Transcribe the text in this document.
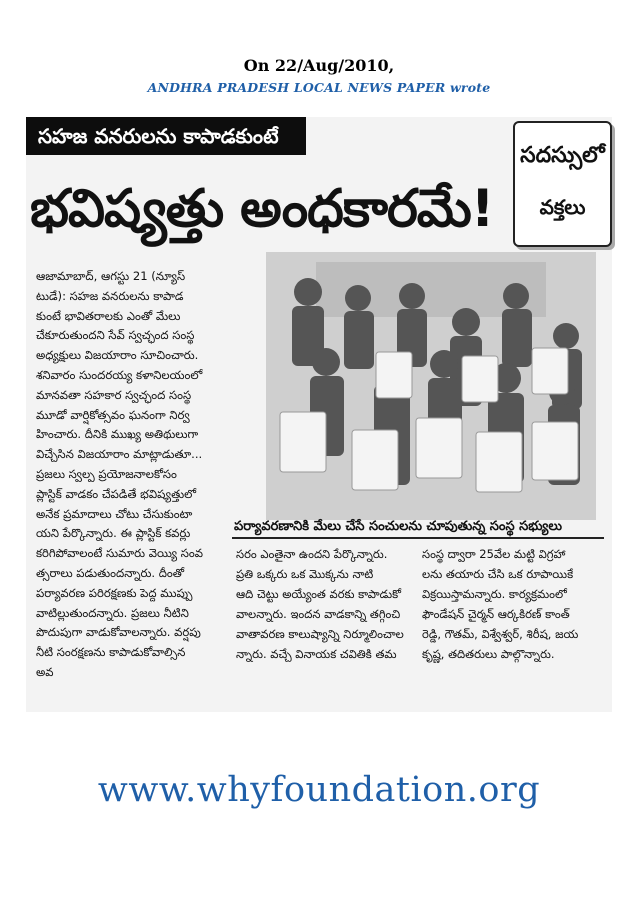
On 22/Aug/2010,
ANDHRA PRADESH LOCAL NEWS PAPER wrote
సహజ వనరులను కాపాడకుంటే
భవిష్యత్తు అంధకారమే!
సదస్సులో
వక్తలు

ఆజామాబాద్, ఆగస్టు 21 (న్యూస్

టుడే): సహజ వనరులను కాపాడ

కుంటే భావితరాలకు ఎంతో మేలు

చేకూరుతుందని సేవ్ స్వచ్ఛంద సంస్థ

అధ్యక్షులు విజయారాం సూచించారు.

శనివారం సుందరయ్య కళానిలయంలో

మానవతా సహకార స్వచ్ఛంద సంస్థ

మూడో వార్షికోత్సవం ఘనంగా నిర్వ

హించారు. దీనికి ముఖ్య అతిథులుగా

విచ్చేసిన విజయారాం మాట్లాడుతూ...

ప్రజలు స్వల్ప ప్రయోజనాలకోసం

ప్లాస్టిక్ వాడకం చేపడితే భవిష్యత్తులో

అనేక ప్రమాదాలు చోటు చేసుకుంటా

యని పేర్కొన్నారు. ఈ ప్లాస్టిక్ కవర్లు

కరిగిపోవాలంటే సుమారు వెయ్యి సంవ

త్సరాలు పడుతుందన్నారు. దీంతో

పర్యావరణ పరిరక్షణకు పెద్ద ముప్పు

వాటిల్లుతుందన్నారు. ప్రజలు నీటిని

పొదుపుగా వాడుకోవాలన్నారు. వర్షపు

నీటి సంరక్షణను కాపాడుకోవాల్సిన అవ

పర్యావరణానికి మేలు చేసే సంచులను చూపుతున్న సంస్థ సభ్యులు

సరం ఎంతైనా ఉందని పేర్కొన్నారు.

ప్రతి ఒక్కరు ఒక మొక్కను నాటి

ఆది చెట్టు అయ్యేంత వరకు కాపాడుకో

వాలన్నారు. ఇందన వాడకాన్ని తగ్గించి

వాతావరణ కాలుష్యాన్ని నిర్మూలించాల

న్నారు. వచ్చే వినాయక చవితికి తమ

సంస్థ ద్వారా 25వేల మట్టి విగ్రహా

లను తయారు చేసి ఒక రూపాయికే

విక్రయిస్తామన్నారు. కార్యక్రమంలో

ఫౌండేషన్ చైర్మన్ ఆర్కకిరణ్ కాంత్

రెడ్డి, గౌతమ్, విశ్వేశ్వర్, శిరీష, జయ

కృష్ణ, తదితరులు పాల్గొన్నారు.

www.whyfoundation.org
